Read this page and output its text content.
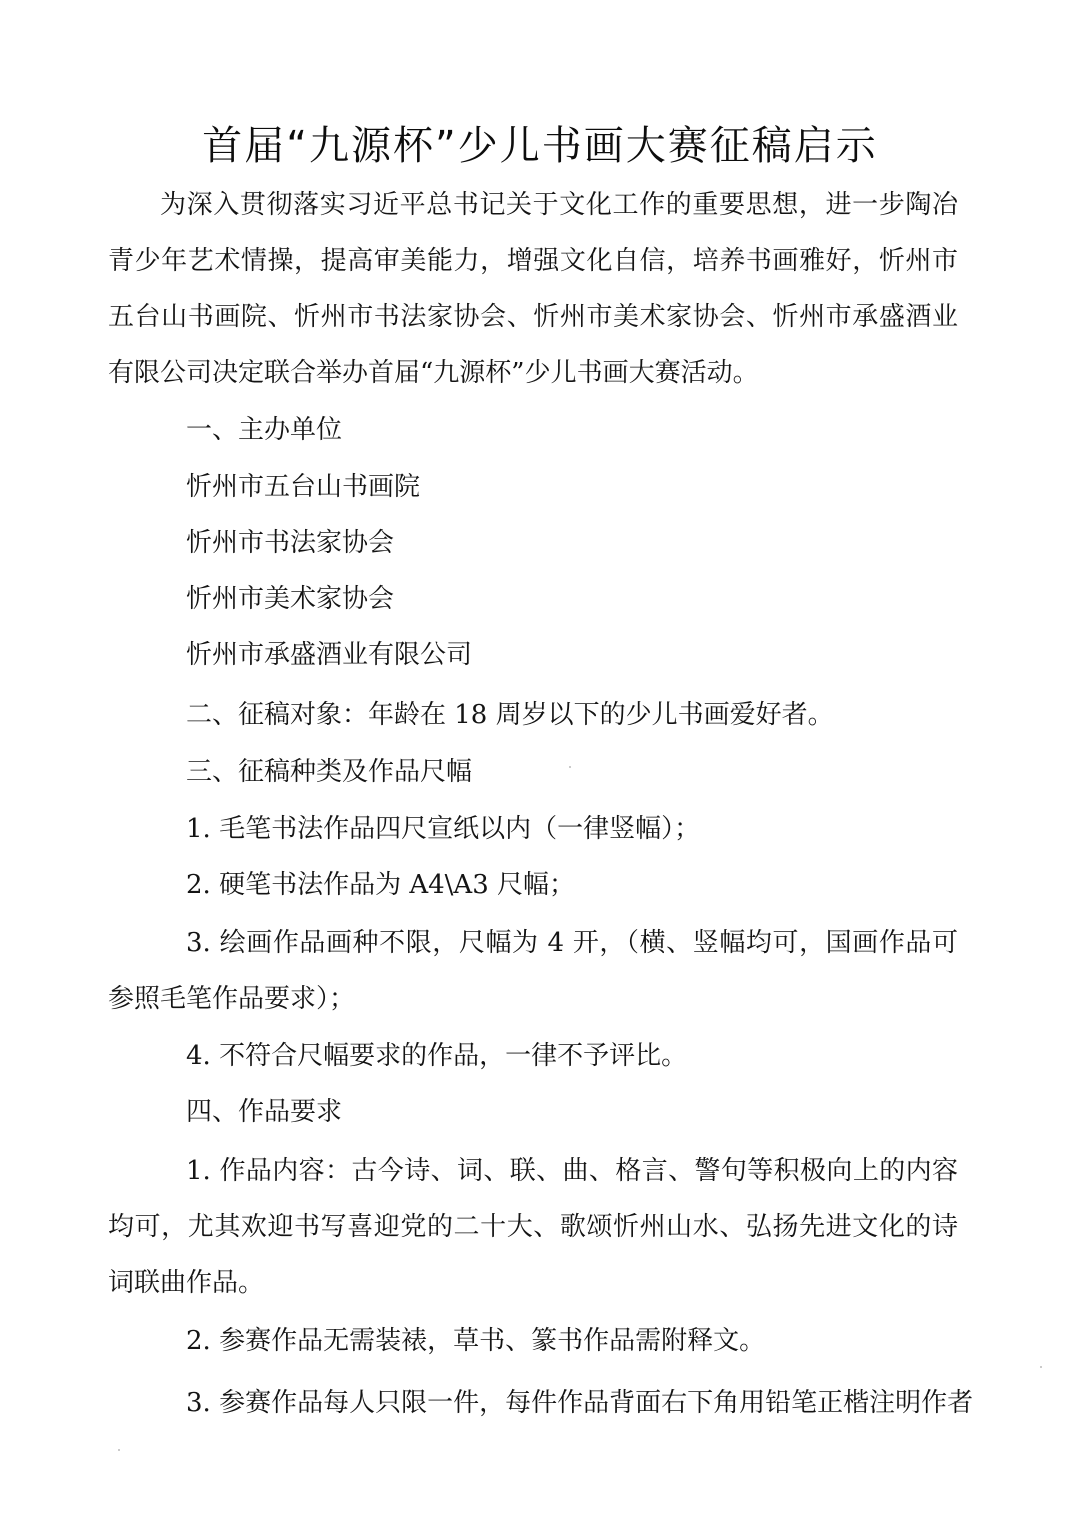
首届“九源杯”少儿书画大赛征稿启示

为深入贯彻落实习近平总书记关于文化工作的重要思想，进一步陶冶青少年艺术情操，提高审美能力，增强文化自信，培养书画雅好，忻州市五台山书画院、忻州市书法家协会、忻州市美术家协会、忻州市承盛酒业有限公司决定联合举办首届“九源杯”少儿书画大赛活动。

一、主办单位

忻州市五台山书画院

忻州市书法家协会

忻州市美术家协会

忻州市承盛酒业有限公司

二、征稿对象：年龄在 18 周岁以下的少儿书画爱好者。

三、征稿种类及作品尺幅

1. 毛笔书法作品四尺宣纸以内（一律竖幅）；

2. 硬笔书法作品为 A4\A3 尺幅；

3. 绘画作品画种不限，尺幅为 4 开，（横、竖幅均可，国画作品可参照毛笔作品要求）；

4. 不符合尺幅要求的作品，一律不予评比。

四、作品要求

1. 作品内容：古今诗、词、联、曲、格言、警句等积极向上的内容均可，尤其欢迎书写喜迎党的二十大、歌颂忻州山水、弘扬先进文化的诗词联曲作品。

2. 参赛作品无需装裱，草书、篆书作品需附释文。

3. 参赛作品每人只限一件，每件作品背面右下角用铅笔正楷注明作者
